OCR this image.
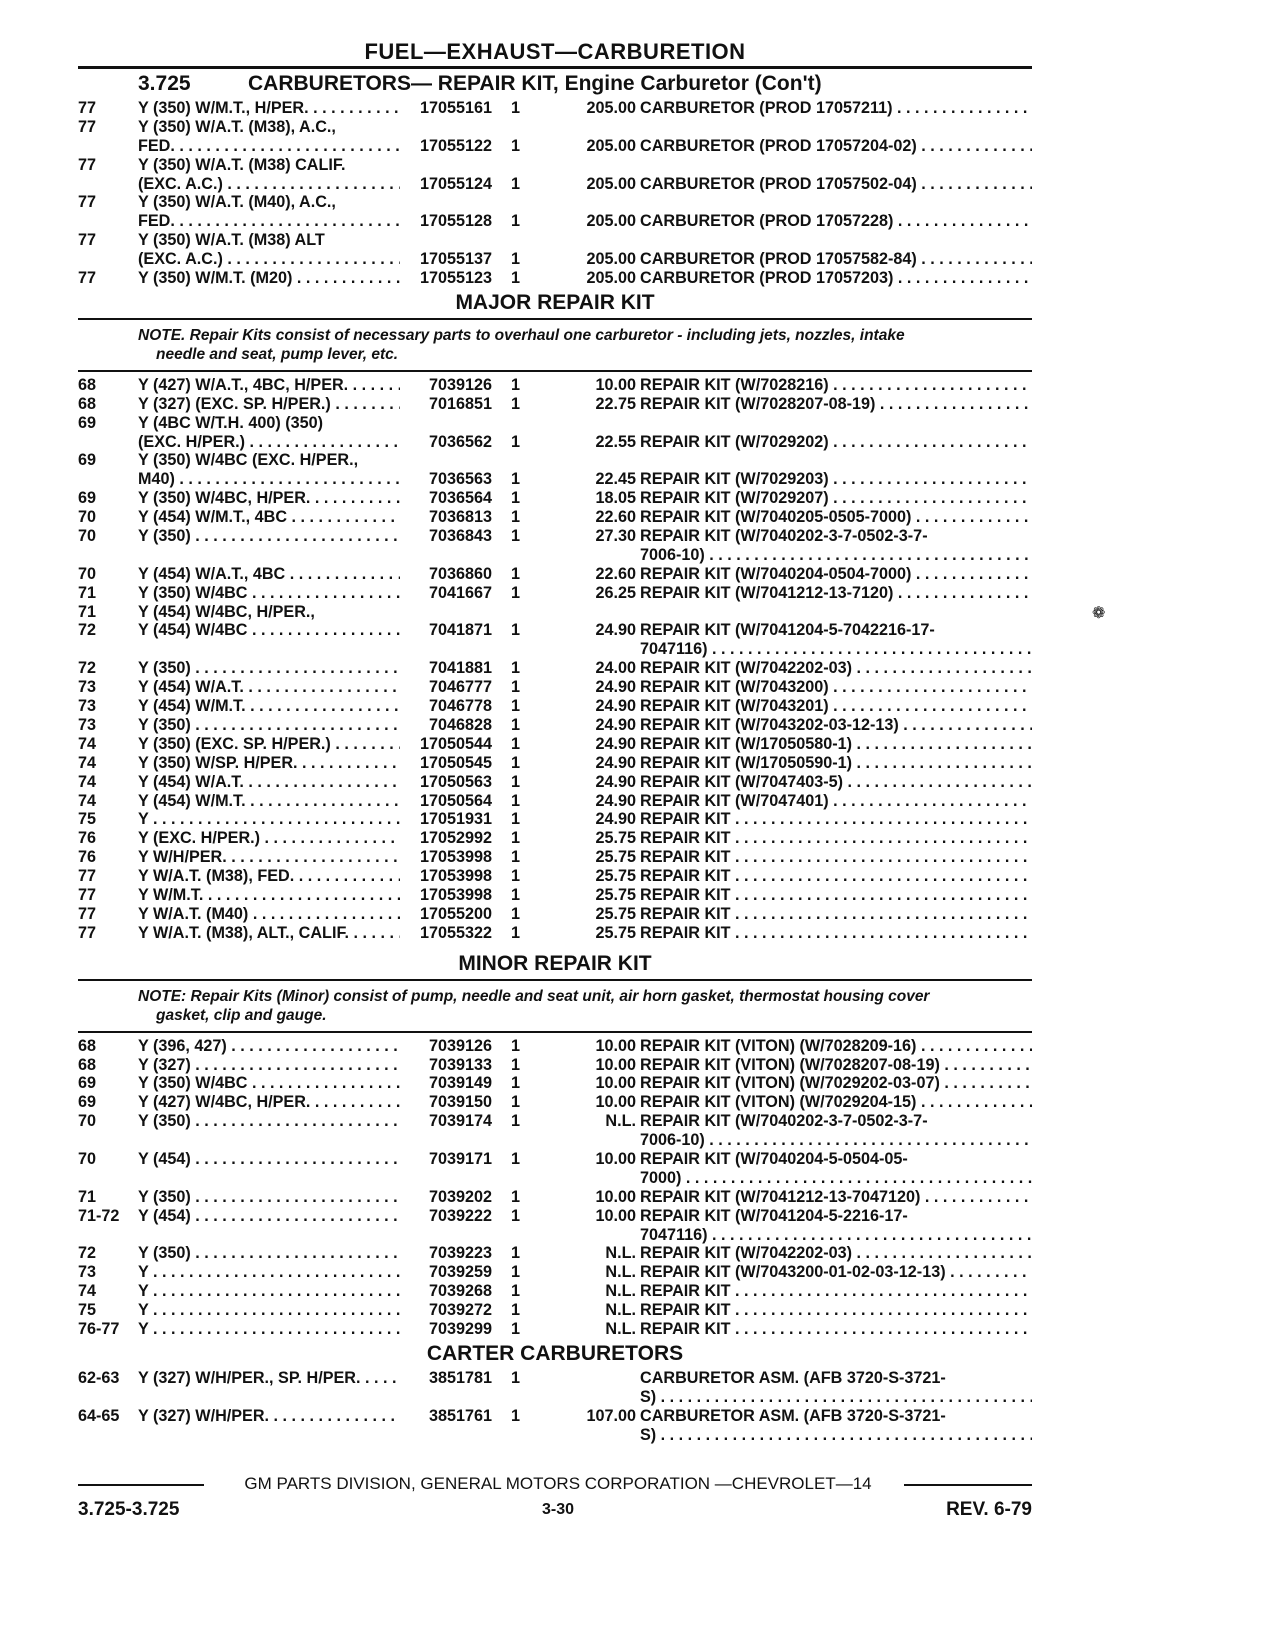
FUEL—EXHAUST—CARBURETION
3.725	CARBURETORS— REPAIR KIT, Engine Carburetor (Con't)
77	Y (350) W/M.T., H/PER. . . .	17055161 1	205.00 CARBURETOR (PROD 17057211) . . .
77	Y (350) W/A.T. (M38), A.C.,
FED. . . .	17055122 1	205.00 CARBURETOR (PROD 17057204-02) . . .
77	Y (350) W/A.T. (M38) CALIF.
(EXC. A.C.) . . .	17055124 1	205.00 CARBURETOR (PROD 17057502-04) . . .
77	Y (350) W/A.T. (M40), A.C.,
FED. . . .	17055128 1	205.00 CARBURETOR (PROD 17057228) . . .
77	Y (350) W/A.T. (M38) ALT
(EXC. A.C.) . . .	17055137 1	205.00 CARBURETOR (PROD 17057582-84) . . .
77	Y (350) W/M.T. (M20) . . .	17055123 1	205.00 CARBURETOR (PROD 17057203) . . .
MAJOR REPAIR KIT
NOTE. Repair Kits consist of necessary parts to overhaul one carburetor - including jets, nozzles, intake
needle and seat, pump lever, etc.
68	Y (427) W/A.T., 4BC, H/PER. . . .	7039126 1	10.00 REPAIR KIT (W/7028216) . . .
68	Y (327) (EXC. SP. H/PER.) . . .	7016851 1	22.75 REPAIR KIT (W/7028207-08-19) . . .
69	Y (4BC W/T.H. 400) (350)
(EXC. H/PER.) . . .	7036562 1	22.55 REPAIR KIT (W/7029202) . . .
69	Y (350) W/4BC (EXC. H/PER.,
M40) . . .	7036563 1	22.45 REPAIR KIT (W/7029203) . . .
69	Y (350) W/4BC, H/PER. . . .	7036564 1	18.05 REPAIR KIT (W/7029207) . . .
70	Y (454) W/M.T., 4BC . . .	7036813 1	22.60 REPAIR KIT (W/7040205-0505-7000) . . .
70	Y (350) . . .	7036843 1	27.30 REPAIR KIT (W/7040202-3-7-0502-3-7-
7006-10) . . .
70	Y (454) W/A.T., 4BC . . .	7036860 1	22.60 REPAIR KIT (W/7040204-0504-7000) . . .
71	Y (350) W/4BC . . .	7041667 1	26.25 REPAIR KIT (W/7041212-13-7120) . . .
71	Y (454) W/4BC, H/PER.,
72	Y (454) W/4BC . . .	7041871 1	24.90 REPAIR KIT (W/7041204-5-7042216-17-
7047116) . . .
72	Y (350) . . .	7041881 1	24.00 REPAIR KIT (W/7042202-03) . . .
73	Y (454) W/A.T. . . .	7046777 1	24.90 REPAIR KIT (W/7043200) . . .
73	Y (454) W/M.T. . . .	7046778 1	24.90 REPAIR KIT (W/7043201) . . .
73	Y (350) . . .	7046828 1	24.90 REPAIR KIT (W/7043202-03-12-13) . . .
74	Y (350) (EXC. SP. H/PER.) . . .	17050544 1	24.90 REPAIR KIT (W/17050580-1) . . .
74	Y (350) W/SP. H/PER. . . .	17050545 1	24.90 REPAIR KIT (W/17050590-1) . . .
74	Y (454) W/A.T. . . .	17050563 1	24.90 REPAIR KIT (W/7047403-5) . . .
74	Y (454) W/M.T. . . .	17050564 1	24.90 REPAIR KIT (W/7047401) . . .
75	Y . . .	17051931 1	24.90 REPAIR KIT . . .
76	Y (EXC. H/PER.) . . .	17052992 1	25.75 REPAIR KIT . . .
76	Y W/H/PER. . . .	17053998 1	25.75 REPAIR KIT . . .
77	Y W/A.T. (M38), FED. . . .	17053998 1	25.75 REPAIR KIT . . .
77	Y W/M.T. . . .	17053998 1	25.75 REPAIR KIT . . .
77	Y W/A.T. (M40) . . .	17055200 1	25.75 REPAIR KIT . . .
77	Y W/A.T. (M38), ALT., CALIF. . . .	17055322 1	25.75 REPAIR KIT . . .
MINOR REPAIR KIT
NOTE: Repair Kits (Minor) consist of pump, needle and seat unit, air horn gasket, thermostat housing cover
gasket, clip and gauge.
68	Y (396, 427) . . .	7039126 1	10.00 REPAIR KIT (VITON) (W/7028209-16) . . .
68	Y (327) . . .	7039133 1	10.00 REPAIR KIT (VITON) (W/7028207-08-19) . . .
69	Y (350) W/4BC . . .	7039149 1	10.00 REPAIR KIT (VITON) (W/7029202-03-07) . . .
69	Y (427) W/4BC, H/PER. . . .	7039150 1	10.00 REPAIR KIT (VITON) (W/7029204-15) . . .
70	Y (350) . . .	7039174 1	N.L. REPAIR KIT (W/7040202-3-7-0502-3-7-
7006-10) . . .
70	Y (454) . . .	7039171 1	10.00 REPAIR KIT (W/7040204-5-0504-05-
7000) . . .
71	Y (350) . . .	7039202 1	10.00 REPAIR KIT (W/7041212-13-7047120) . . .
71-72	Y (454) . . .	7039222 1	10.00 REPAIR KIT (W/7041204-5-2216-17-
7047116) . . .
72	Y (350) . . .	7039223 1	N.L. REPAIR KIT (W/7042202-03) . . .
73	Y . . .	7039259 1	N.L. REPAIR KIT (W/7043200-01-02-03-12-13) . . .
74	Y . . .	7039268 1	N.L. REPAIR KIT . . .
75	Y . . .	7039272 1	N.L. REPAIR KIT . . .
76-77	Y . . .	7039299 1	N.L. REPAIR KIT . . .
CARTER CARBURETORS
62-63	Y (327) W/H/PER., SP. H/PER. . . .	3851781 1	CARBURETOR ASM. (AFB 3720-S-3721-
S) . . .
64-65	Y (327) W/H/PER. . . .	3851761 1	107.00 CARBURETOR ASM. (AFB 3720-S-3721-
S) . . .
❁
GM PARTS DIVISION, GENERAL MOTORS CORPORATION —CHEVROLET—14
3.725-3.725	3-30	REV. 6-79
